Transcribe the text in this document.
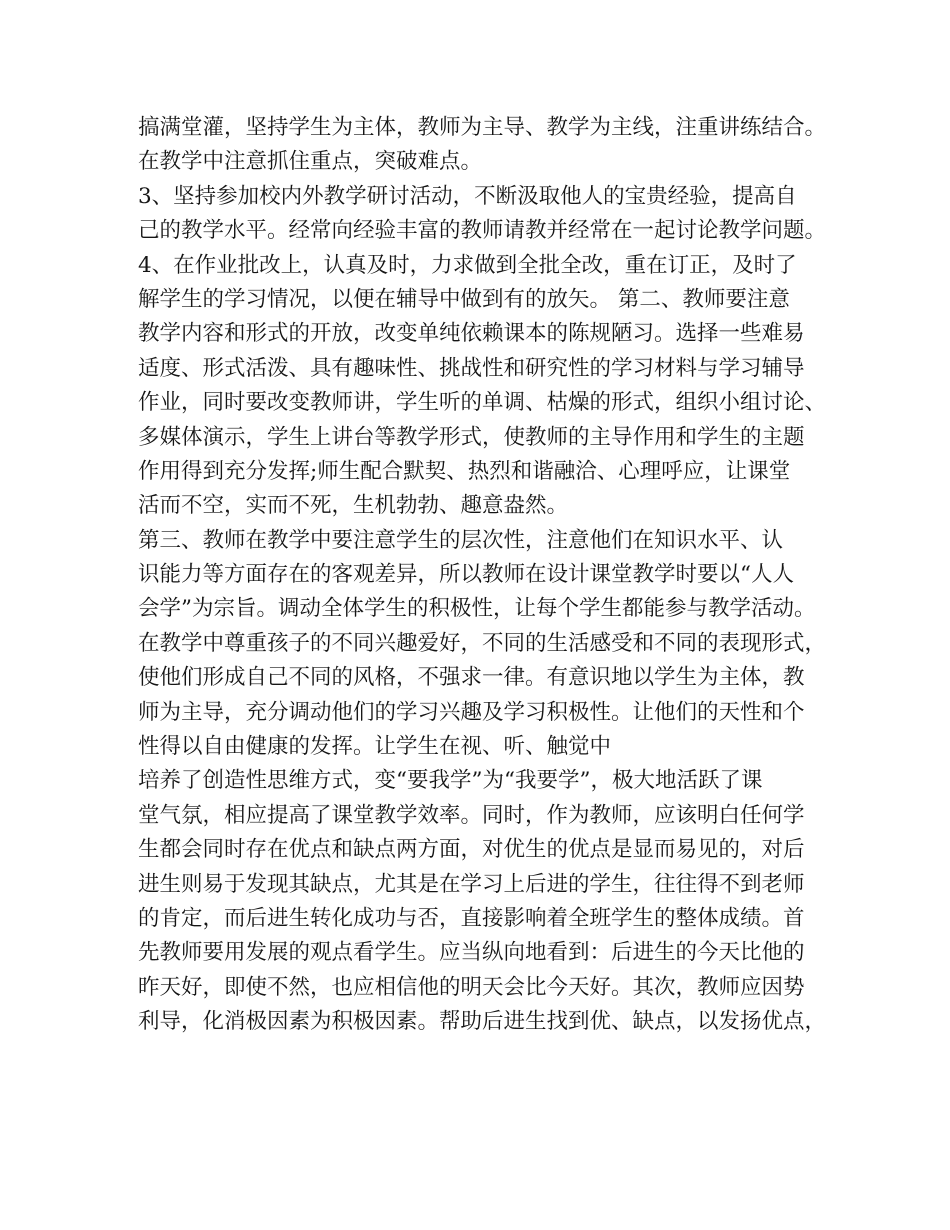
搞满堂灌，坚持学生为主体，教师为主导、教学为主线，注重讲练结合。
在教学中注意抓住重点，突破难点。
3、坚持参加校内外教学研讨活动，不断汲取他人的宝贵经验，提高自
己的教学水平。经常向经验丰富的教师请教并经常在一起讨论教学问题。
4、在作业批改上，认真及时，力求做到全批全改，重在订正，及时了
解学生的学习情况，以便在辅导中做到有的放矢。 第二、教师要注意
教学内容和形式的开放，改变单纯依赖课本的陈规陋习。选择一些难易
适度、形式活泼、具有趣味性、挑战性和研究性的学习材料与学习辅导
作业，同时要改变教师讲，学生听的单调、枯燥的形式，组织小组讨论、
多媒体演示，学生上讲台等教学形式，使教师的主导作用和学生的主题
作用得到充分发挥;师生配合默契、热烈和谐融洽、心理呼应，让课堂
活而不空，实而不死，生机勃勃、趣意盎然。
第三、教师在教学中要注意学生的层次性，注意他们在知识水平、认
识能力等方面存在的客观差异，所以教师在设计课堂教学时要以“人人
会学”为宗旨。调动全体学生的积极性，让每个学生都能参与教学活动。
在教学中尊重孩子的不同兴趣爱好，不同的生活感受和不同的表现形式，
使他们形成自己不同的风格，不强求一律。有意识地以学生为主体，教
师为主导，充分调动他们的学习兴趣及学习积极性。让他们的天性和个
性得以自由健康的发挥。让学生在视、听、触觉中
培养了创造性思维方式，变“要我学”为“我要学”，极大地活跃了课
堂气氛，相应提高了课堂教学效率。同时，作为教师，应该明白任何学
生都会同时存在优点和缺点两方面，对优生的优点是显而易见的，对后
进生则易于发现其缺点，尤其是在学习上后进的学生，往往得不到老师
的肯定，而后进生转化成功与否，直接影响着全班学生的整体成绩。首
先教师要用发展的观点看学生。应当纵向地看到：后进生的今天比他的
昨天好，即使不然，也应相信他的明天会比今天好。其次，教师应因势
利导，化消极因素为积极因素。帮助后进生找到优、缺点，以发扬优点，
